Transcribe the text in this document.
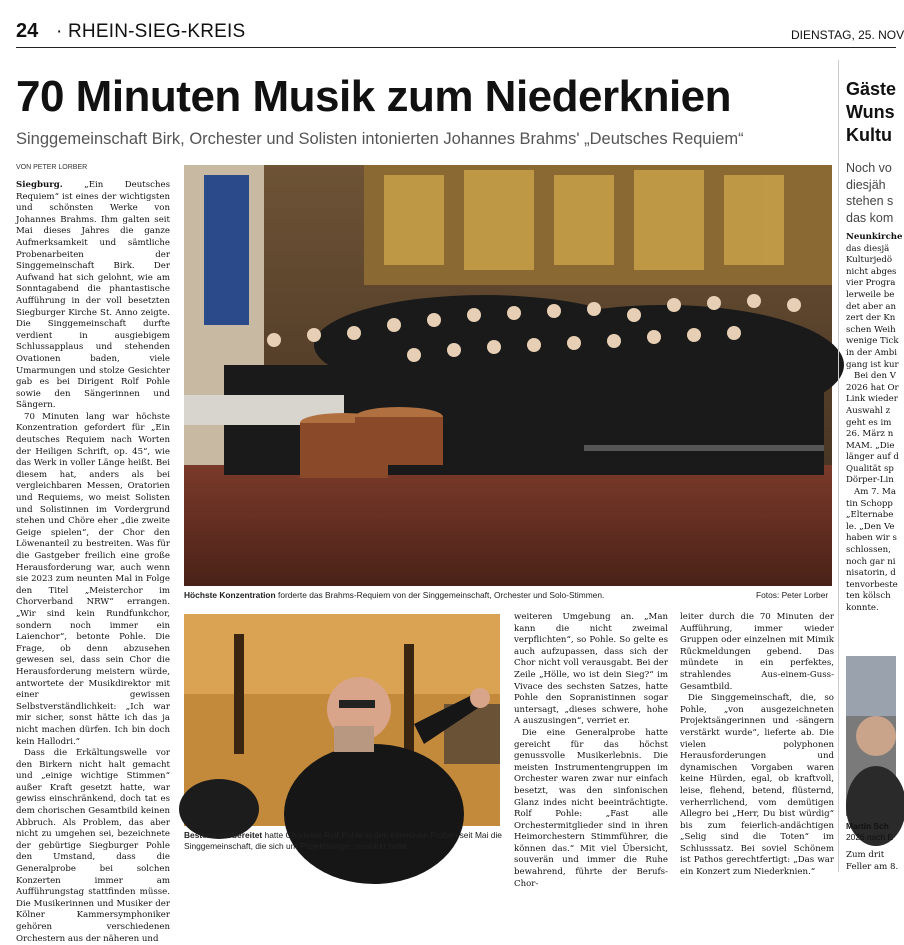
24 · RHEIN-SIEG-KREIS	DIENSTAG, 25. NOV
70 Minuten Musik zum Niederknien
Singgemeinschaft Birk, Orchester und Solisten intonierten Johannes Brahms' „Deutsches Requiem“
VON PETER LORBER

Siegburg.	„Ein Deutsches Requiem“ ist eines der wichtigsten und schönsten Werke von Johannes Brahms. Ihm galten seit Mai dieses Jahres die ganze Aufmerksamkeit und sämtliche Probenarbeiten der Singgemeinschaft Birk. Der Aufwand hat sich gelohnt, wie am Sonntagabend die phantastische Aufführung in der voll besetzten Siegburger Kirche St. Anno zeigte. Die Singgemeinschaft durfte verdient in ausgiebigem Schlussapplaus und stehenden Ovationen baden, viele Umarmungen und stolze Gesichter gab es bei Dirigent Rolf Pohle sowie den Sängerinnen und Sängern.

70 Minuten lang war höchste Konzentration gefordert für „Ein deutsches Requiem nach Worten der Heiligen Schrift, op. 45“, wie das Werk in voller Länge heißt. Bei diesem hat, anders als bei vergleichbaren Messen, Oratorien und Requiems, wo meist Solisten und Solistinnen im Vordergrund stehen und Chöre eher „die zweite Geige spielen“, der Chor den Löwenanteil zu bestreiten. Was für die Gastgeber freilich eine große Herausforderung war, auch wenn sie 2023 zum neunten Mal in Folge den Titel „Meisterchor im Chorverband NRW“ errangen. „Wir sind kein Rundfunkchor, sondern noch immer ein Laienchor“, betonte Pohle. Die Frage, ob denn abzusehen gewesen sei, dass sein Chor die Herausforderung meistern würde, antwortete der Musikdirektor mit einer gewissen Selbstverständlichkeit: „Ich war mir sicher, sonst hätte ich das ja nicht machen dürfen. Ich bin doch kein Hallodri.“

Dass die Erkältungswelle vor den Birkern nicht halt gemacht und „einige wichtige Stimmen“ außer Kraft gesetzt hatte, war gewiss einschränkend, doch tat es dem chorischen Gesamtbild keinen Abbruch. Als Problem, das aber nicht zu umgehen sei, bezeichnete der gebürtige Siegburger Pohle den Umstand, dass die Generalprobe bei solchen Konzerten immer am Aufführungstag stattfinden müsse. Die Musikerinnen und Musiker der Kölner Kammersymphoniker gehören verschiedenen Orchestern aus der näheren und

Höchste Konzentration forderte das Brahms-Requiem von der Singgemeinschaft, Orchester und Solo-Stimmen.	Fotos: Peter Lorber
Bestens vorbereitet hatte Chorleiter Rolf Pohle in den intensiven Proben seit Mai die Singgemeinschaft, die sich um Projektsänger verstärkt hatte.

weiteren Umgebung an. „Man kann die nicht zweimal verpflichten“, so Pohle. So gelte es auch aufzupassen, dass sich der Chor nicht voll verausgabt. Bei der Zeile „Hölle, wo ist dein Sieg?“ im Vivace des sechsten Satzes, hatte Pohle den Sopranistinnen sogar untersagt, „dieses schwere, hohe A auszusingen“, verriet er.

Die eine Generalprobe hatte gereicht für das höchst genussvolle Musikerlebnis. Die meisten Instrumentengruppen im Orchester waren zwar nur einfach besetzt, was den sinfonischen Glanz indes nicht beeinträchtigte. Rolf Pohle: „Fast alle Orchestermitglieder sind in ihren Heimorchestern Stimmführer, die können das.“ Mit viel Übersicht, souverän und immer die Ruhe bewahrend, führte der Berufs-Chor-

leiter durch die 70 Minuten der Aufführung, immer wieder Gruppen oder einzelnen mit Mimik Rückmeldungen gebend. Das mündete in ein perfektes, strahlendes Aus-einem-Guss-Gesamtbild.

Die Singgemeinschaft, die, so Pohle, „von ausgezeichneten Projektsängerinnen und -sängern verstärkt wurde“, lieferte ab. Die vielen polyphonen Herausforderungen und dynamischen Vorgaben waren keine Hürden, egal, ob kraftvoll, leise, flehend, betend, flüsternd, verherrlichend, vom demütigen Allegro bei „Herr, Du bist würdig“ bis zum feierlich-andächtigen „Selig sind die Toten“ im Schlusssatz. Bei soviel Schönem ist Pathos gerechtfertigt: „Das war ein Konzert zum Niederknien.“

Gäste
Wuns
Kultu
Noch vo
diesjäh
stehen s
das kom
Neunkirche
das diesjä
Kulturjedö
nicht abges
vier Progra
lerweile be
det aber an
zert der Kn
schen Weih
wenige Tick
in der Ambi
gang ist kur
Bei den V
2026 hat Or
Link wieder
Auswahl z
geht es im
26. März n
MAM. „Die
länger auf d
Qualität sp
Dörper-Lin
Am 7. Ma
tin Schopp
„Elternabe
le. „Den Ve
haben wir s
schlossen,
noch gar ni
nisatorin, d
tenvorbeste
ten kölsch
konnte.
Martin Sch
2026 nach E
Zum drit
Feller am 8.
